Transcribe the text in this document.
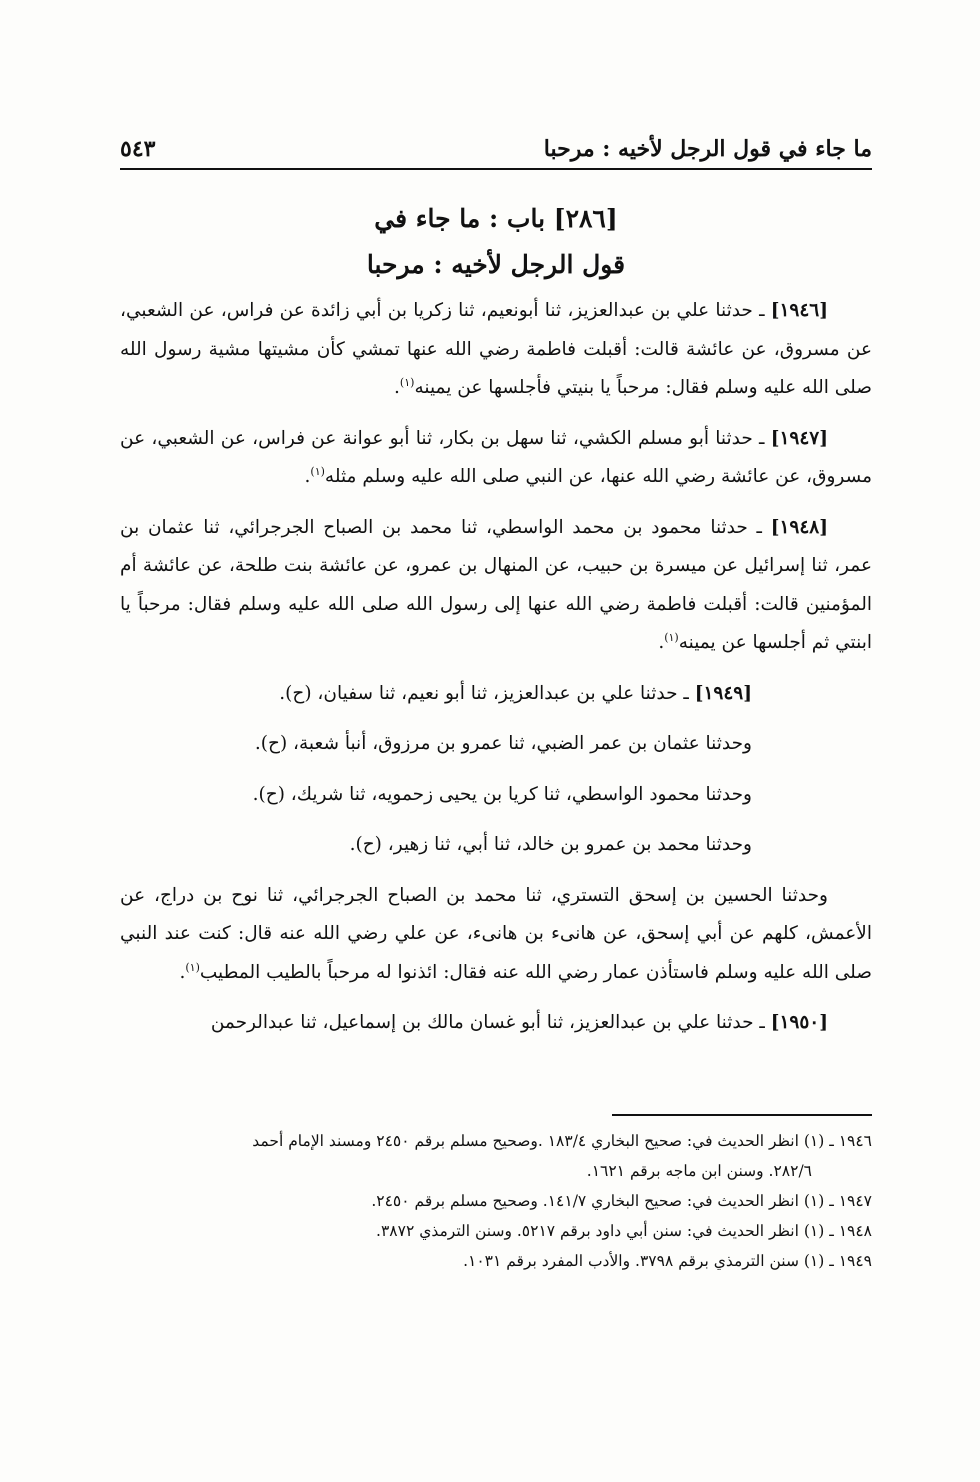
ما جاء في قول الرجل لأخيه : مرحبا
٥٤٣
[٢٨٦] باب : ما جاء في
قول الرجل لأخيه : مرحبا

[١٩٤٦] ـ حدثنا علي بن عبدالعزيز، ثنا أبونعيم، ثنا زكريا بن أبي زائدة عن فراس، عن الشعبي، عن مسروق، عن عائشة قالت: أقبلت فاطمة رضي الله عنها تمشي كأن مشيتها مشية رسول الله صلى الله عليه وسلم فقال: مرحباً يا بنيتي فأجلسها عن يمينه$^{(١)}$.

[١٩٤٧] ـ حدثنا أبو مسلم الكشي، ثنا سهل بن بكار، ثنا أبو عوانة عن فراس، عن الشعبي، عن مسروق، عن عائشة رضي الله عنها، عن النبي صلى الله عليه وسلم مثله$^{(١)}$.

[١٩٤٨] ـ حدثنا محمود بن محمد الواسطي، ثنا محمد بن الصباح الجرجرائي، ثنا عثمان بن عمر، ثنا إسرائيل عن ميسرة بن حبيب، عن المنهال بن عمرو، عن عائشة بنت طلحة، عن عائشة أم المؤمنين قالت: أقبلت فاطمة رضي الله عنها إلى رسول الله صلى الله عليه وسلم فقال: مرحباً يا ابنتي ثم أجلسها عن يمينه$^{(١)}$.

[١٩٤٩] ـ حدثنا علي بن عبدالعزيز، ثنا أبو نعيم، ثنا سفيان، (ح).

وحدثنا عثمان بن عمر الضبي، ثنا عمرو بن مرزوق، أنبأ شعبة، (ح).

وحدثنا محمود الواسطي، ثنا كريا بن يحيى زحمويه، ثنا شريك، (ح).

وحدثنا محمد بن عمرو بن خالد، ثنا أبي، ثنا زهير، (ح).

وحدثنا الحسين بن إسحق التستري، ثنا محمد بن الصباح الجرجرائي، ثنا نوح بن دراج، عن الأعمش، كلهم عن أبي إسحق، عن هانىء بن هانىء، عن علي رضي الله عنه قال: كنت عند النبي صلى الله عليه وسلم فاستأذن عمار رضي الله عنه فقال: ائذنوا له مرحباً بالطيب المطيب$^{(١)}$.

[١٩٥٠] ـ حدثنا علي بن عبدالعزيز، ثنا أبو غسان مالك بن إسماعيل، ثنا عبدالرحمن

١٩٤٦ ـ (١) انظر الحديث في: صحيح البخاري ١٨٣/٤ .وصحيح مسلم برقم ٢٤٥٠ ومسند الإمام أحمد
٢٨٢/٦. وسنن ابن ماجه برقم ١٦٢١.

١٩٤٧ ـ (١) انظر الحديث في: صحيح البخاري ١٤١/٧. وصحيح مسلم برقم ٢٤٥٠.

١٩٤٨ ـ (١) انظر الحديث في: سنن أبي داود برقم ٥٢١٧. وسنن الترمذي ٣٨٧٢.

١٩٤٩ ـ (١) سنن الترمذي برقم ٣٧٩٨. والأدب المفرد برقم ١٠٣١.
